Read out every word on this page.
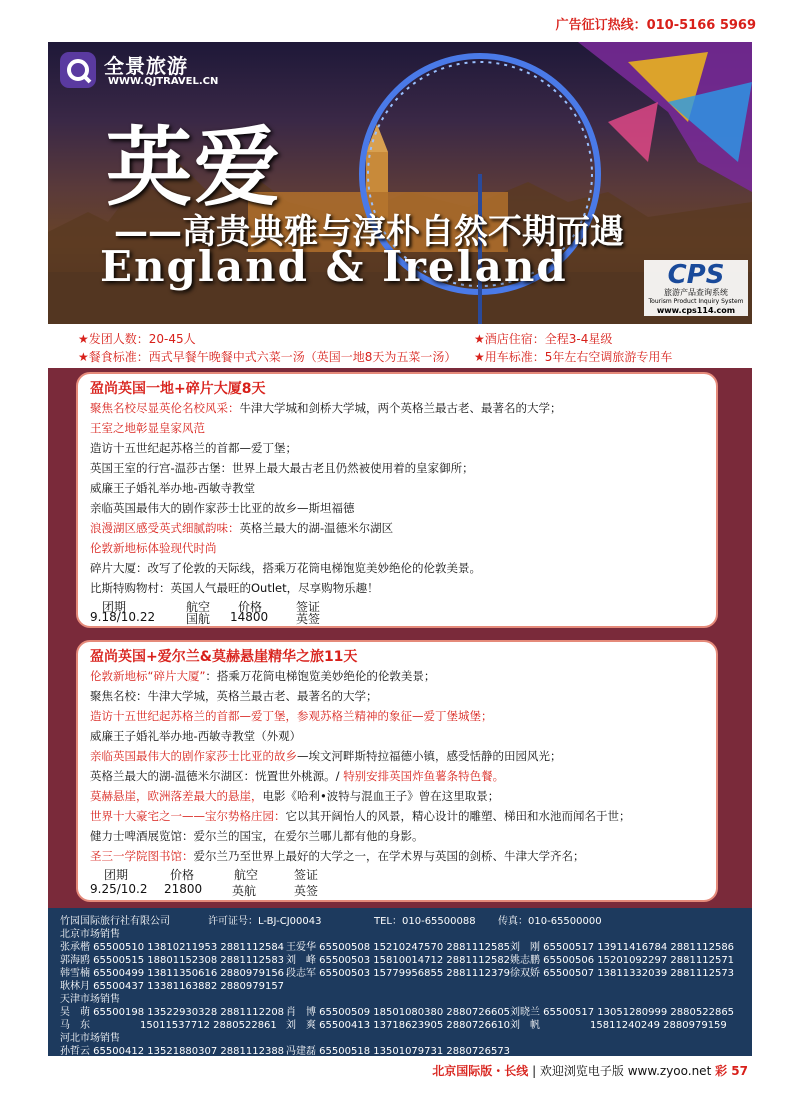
广告征订热线：010-5166 5969
全景旅游
WWW.QJTRAVEL.CN
英爱
——高贵典雅与淳朴自然不期而遇
England & Ireland	CPS
旅游产品查询系统
Tourism Product Inquiry System
www.cps114.com
★发团人数：20-45人
★餐食标准：西式早餐午晚餐中式六菜一汤（英国一地8天为五菜一汤）
★酒店住宿：全程3-4星级
★用车标准：5年左右空调旅游专用车
盈尚英国一地+碎片大厦8天
聚焦名校尽显英伦名校风采：牛津大学城和剑桥大学城，两个英格兰最古老、最著名的大学；
王室之地彰显皇家风范
造访十五世纪起苏格兰的首都—爱丁堡；
英国王室的行宫-温莎古堡：世界上最大最古老且仍然被使用着的皇家御所；
威廉王子婚礼举办地-西敏寺教堂
亲临英国最伟大的剧作家莎士比亚的故乡—斯坦福德
浪漫湖区感受英式细腻韵味：英格兰最大的湖-温德米尔湖区
伦敦新地标体验现代时尚
碎片大厦：改写了伦敦的天际线，搭乘万花筒电梯饱览美妙绝伦的伦敦美景。
比斯特购物村：英国人气最旺的Outlet，尽享购物乐趣！
团期	航空 价格	签证
9.18/10.22	国航 14800 英签
盈尚英国+爱尔兰&莫赫悬崖精华之旅11天
伦敦新地标“碎片大厦”：搭乘万花筒电梯饱览美妙绝伦的伦敦美景；
聚焦名校：牛津大学城，英格兰最古老、最著名的大学；
造访十五世纪起苏格兰的首都—爱丁堡，参观苏格兰精神的象征—爱丁堡城堡；
威廉王子婚礼举办地-西敏寺教堂（外观）
亲临英国最伟大的剧作家莎士比亚的故乡—埃文河畔斯特拉福德小镇，感受恬静的田园风光；
英格兰最大的湖-温德米尔湖区：恍置世外桃源。/ 特别安排英国炸鱼薯条特色餐。
莫赫悬崖，欧洲落差最大的悬崖，电影《哈利•波特与混血王子》曾在这里取景；
世界十大豪宅之一——宝尔势格庄园：它以其开阔怡人的风景，精心设计的雕塑、梯田和水池而闻名于世；
健力士啤酒展览馆：爱尔兰的国宝，在爱尔兰哪儿都有他的身影。
圣三一学院图书馆：爱尔兰乃至世界上最好的大学之一，在学术界与英国的剑桥、牛津大学齐名；
团期	价格	航空	签证
9.25/10.2 21800 英航	英签
竹园国际旅行社有限公司	许可证号：L-BJ-CJ00043	TEL：010-65500088 传真：010-65500000
北京市场销售
张承楷 65500510 13810211953 2881112584 王爱华 65500508 15210247570 2881112585 刘　刚 65500517 13911416784 2881112586
郭海鸥 65500515 18801152308 2881112583 刘　峰 65500503 15810014712 2881112582 姚志鹏 65500506 15201092297 2881112571
韩雪楠 65500499 13811350616 2880979156 段志军 65500503 15779956855 2881112379 徐双娇 65500507 13811332039 2881112573
耿林月 65500437 13381163882 2880979157
天津市场销售
吴　萌 65500198 13522930328 2881112208 肖　博 65500509 18501080380 2880726605 刘晓兰 65500517 13051280999 2880522865
马　东　　　　　15011537712 2880522861 刘　爽 65500413 13718623905 2880726610 刘　帆　　　　　15811240249 2880979159
河北市场销售
孙哲云 65500412 13521880307 2881112388 冯建磊 65500518 13501079731 2880726573
北京国际版・长线 | 欢迎浏览电子版 www.zyoo.net 彩 57
